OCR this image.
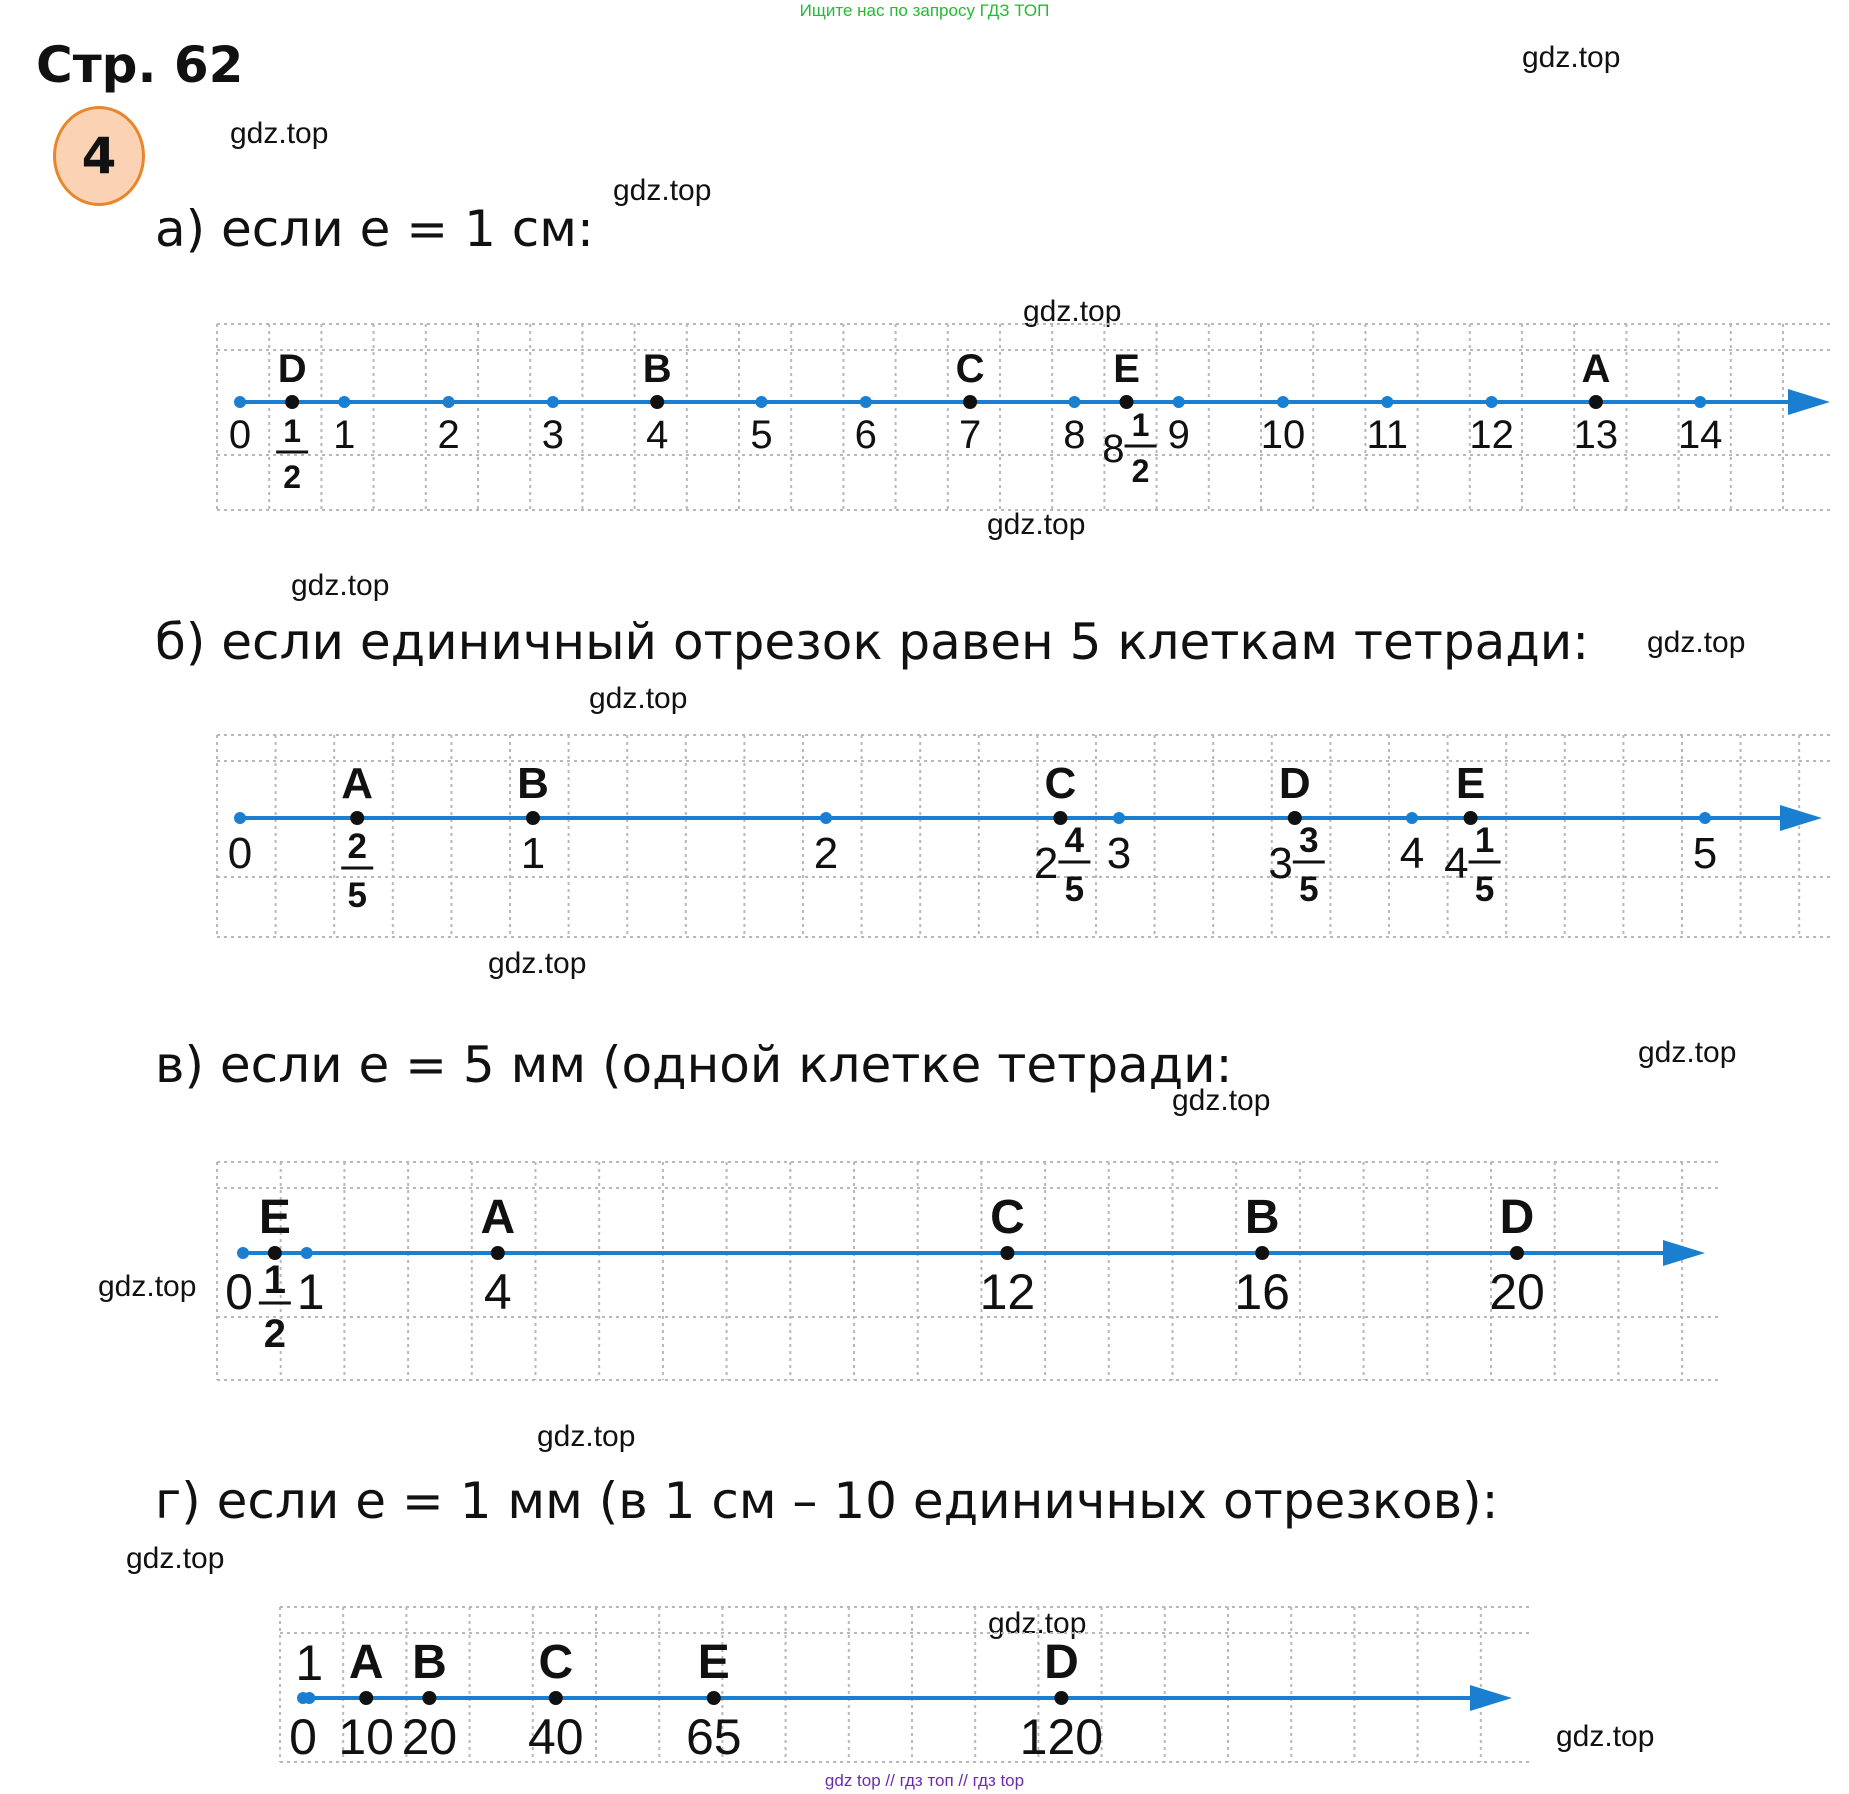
Ищите нас по запросу ГДЗ ТОП
Стр. 62
4
а) если е = 1 см:
б) если единичный отрезок равен 5 клеткам тетради:
в) если е = 5 мм (одной клетке тетради:
г) если е = 1 мм (в 1 см – 10 единичных отрезков):
gdz.top
gdz.top
gdz.top
gdz.top
gdz.top
gdz.top
gdz.top
gdz.top
gdz.top
gdz.top
gdz.top
gdz.top
gdz.top
gdz.top
gdz.top
gdz.top
0 1 2 3 4 5 6 7 8 9 10 11 12 13 14
D
1
2
B	C	E
8
1
2
A
0	1	2	3	4	5
A
2
5
B	C
2 4
5
D
3 3
5
E
4 1
5
0 1	4	12	16	20
E
1
2
A	C	B	D
0
1
10 20 40 65	120
A B C	E	D
gdz top // гдз топ // гдз top
